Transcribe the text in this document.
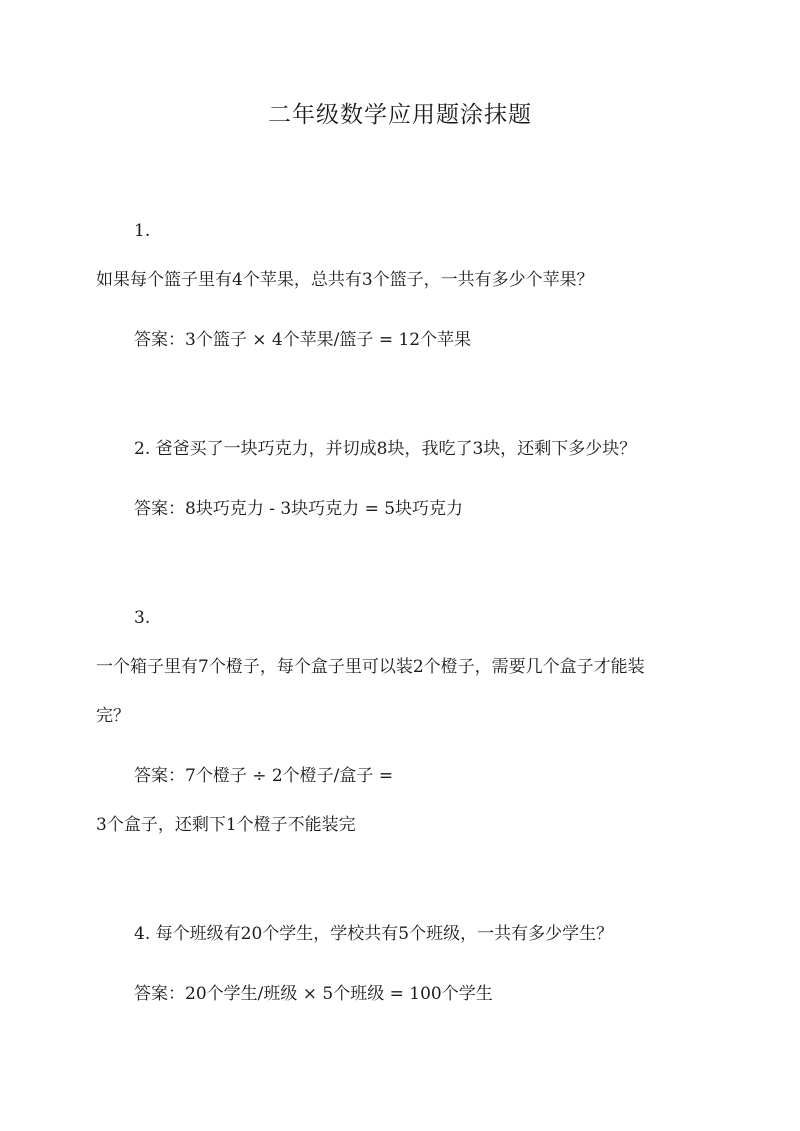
二年级数学应用题涂抹题
1.
如果每个篮子里有4个苹果，总共有3个篮子，一共有多少个苹果？
答案：3个篮子 × 4个苹果/篮子 = 12个苹果
2. 爸爸买了一块巧克力，并切成8块，我吃了3块，还剩下多少块？
答案：8块巧克力 - 3块巧克力 = 5块巧克力
3.
一个箱子里有7个橙子，每个盒子里可以装2个橙子，需要几个盒子才能装
完？
答案：7个橙子 ÷ 2个橙子/盒子 =
3个盒子，还剩下1个橙子不能装完
4. 每个班级有20个学生，学校共有5个班级，一共有多少学生？
答案：20个学生/班级 × 5个班级 = 100个学生
